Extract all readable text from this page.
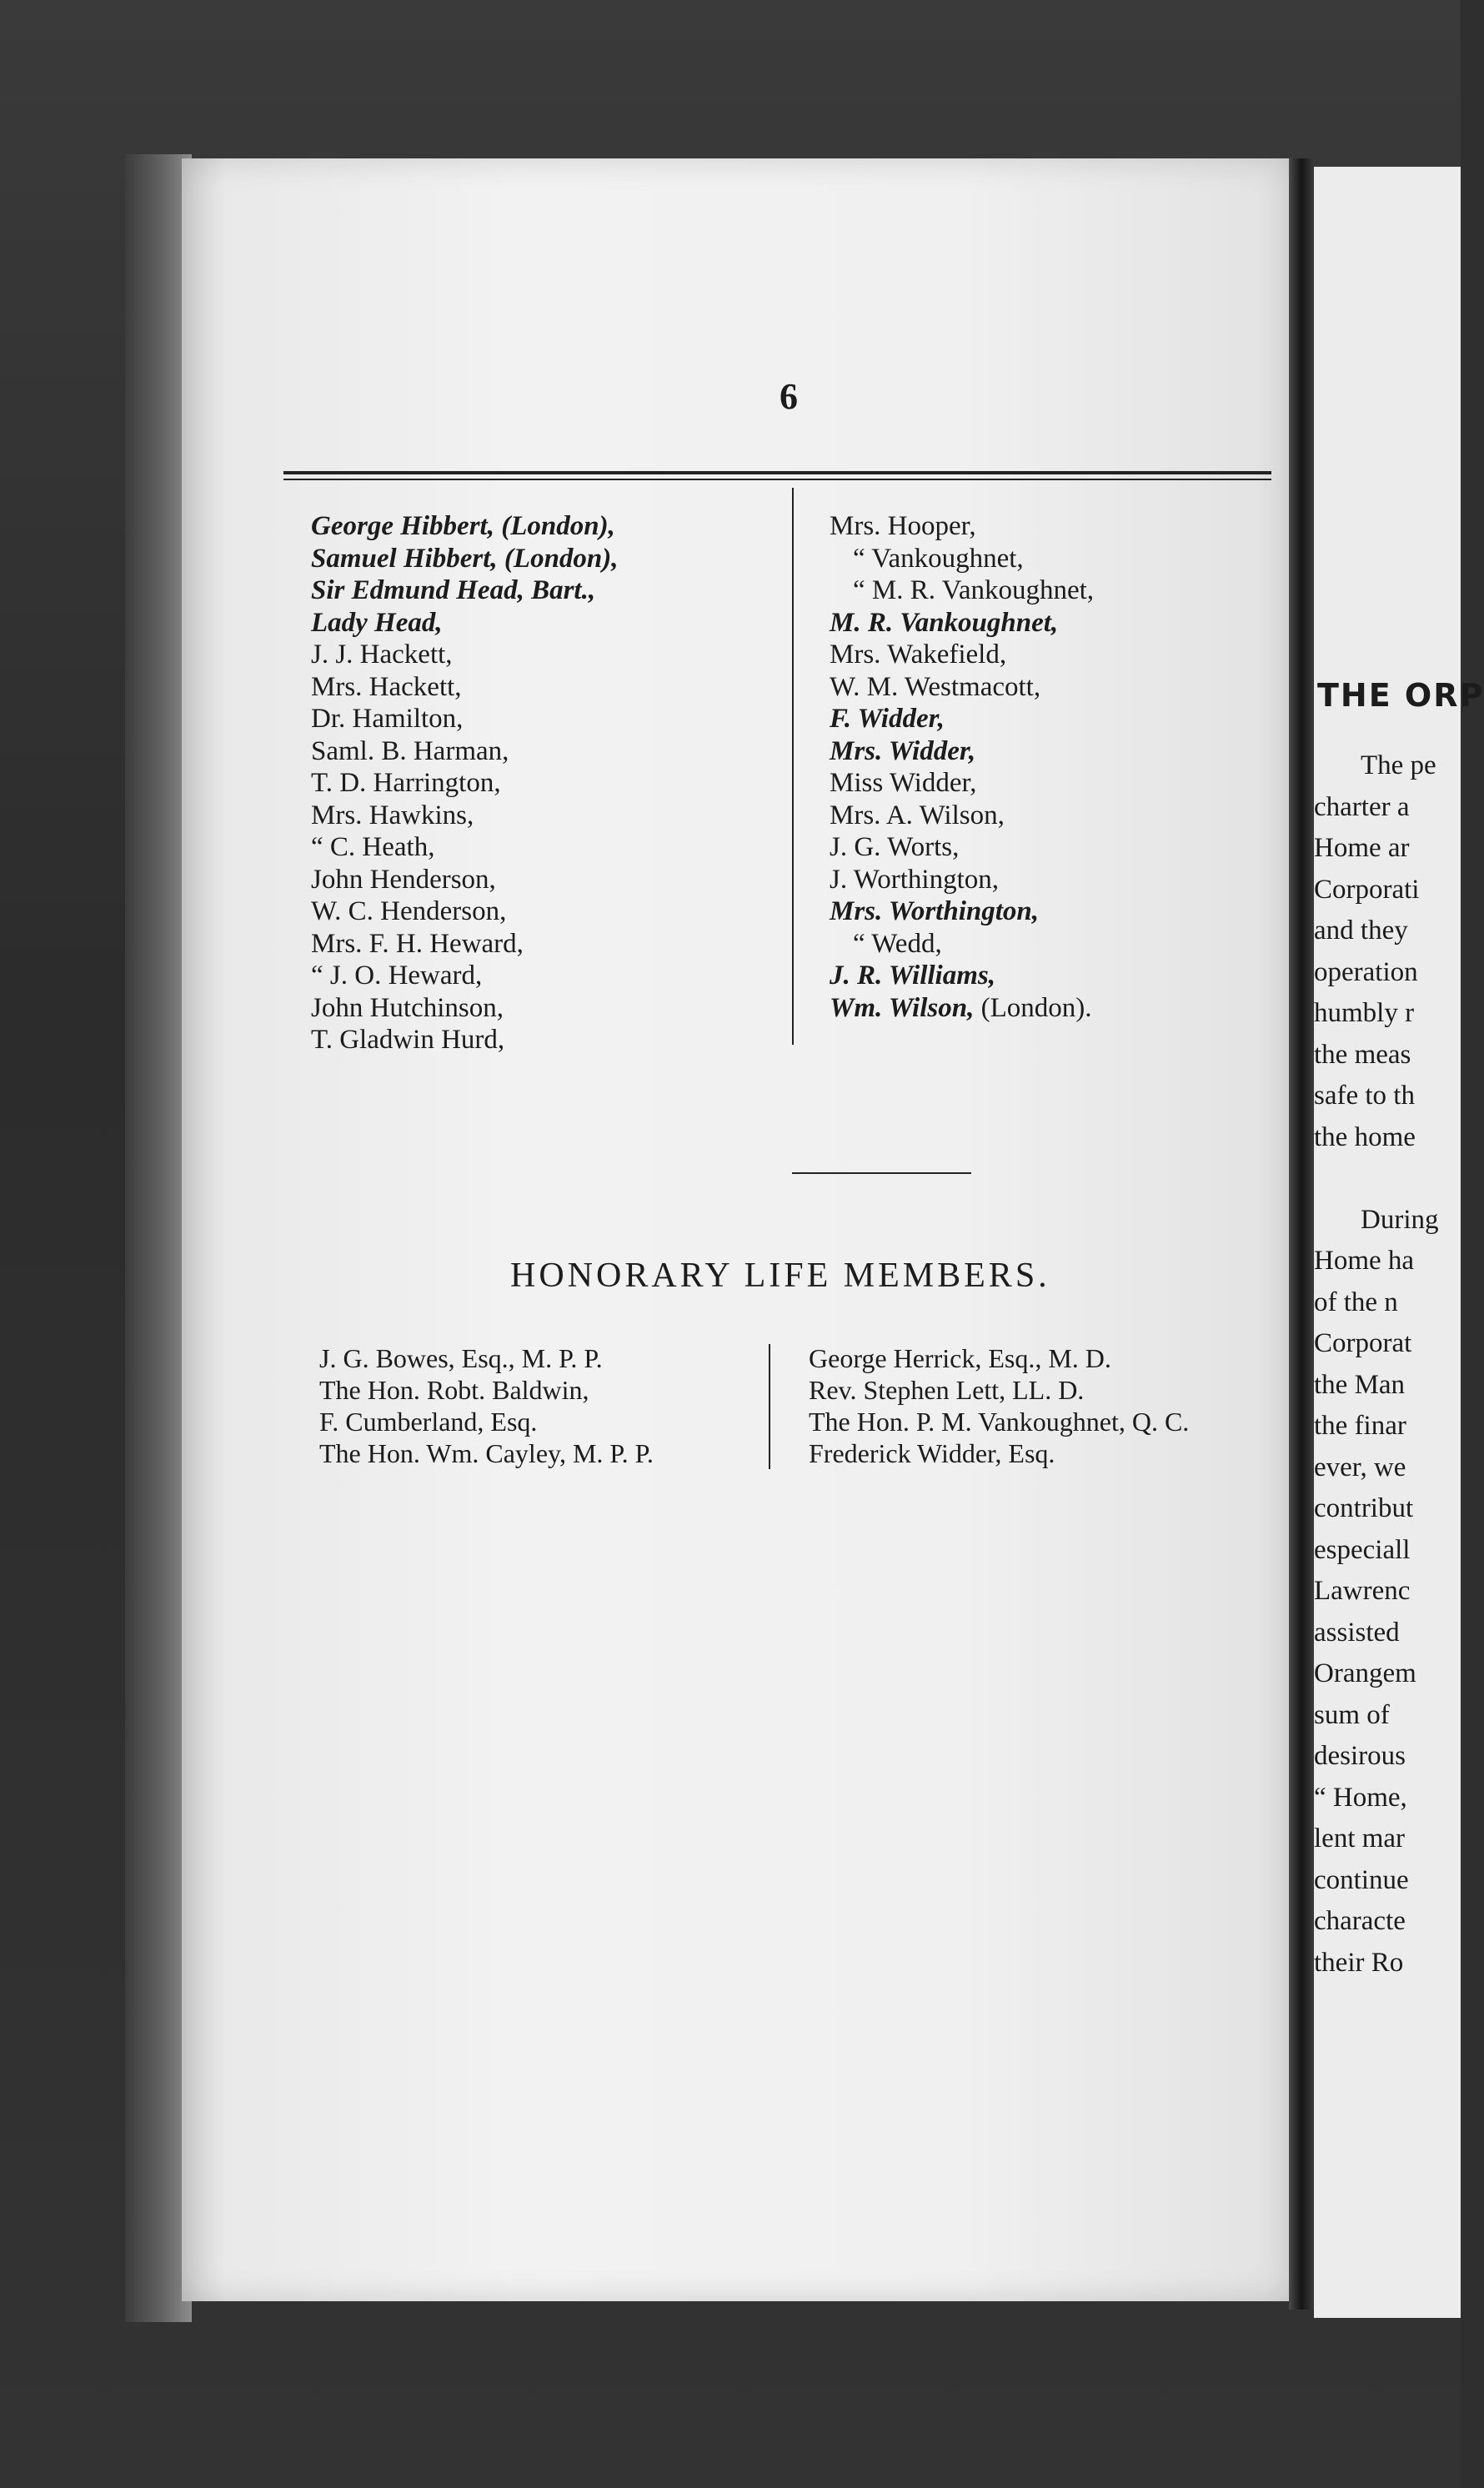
6
George Hibbert, (London),
Samuel Hibbert, (London),
Sir Edmund Head, Bart.,
Lady Head,
J. J. Hackett,
Mrs. Hackett,
Dr. Hamilton,
Saml. B. Harman,
T. D. Harrington,
Mrs. Hawkins,
“ C. Heath,
John Henderson,
W. C. Henderson,
Mrs. F. H. Heward,
“ J. O. Heward,
John Hutchinson,
T. Gladwin Hurd,
Mrs. Hooper,
“ Vankoughnet,
“ M. R. Vankoughnet,
M. R. Vankoughnet,
Mrs. Wakefield,
W. M. Westmacott,
F. Widder,
Mrs. Widder,
Miss Widder,
Mrs. A. Wilson,
J. G. Worts,
J. Worthington,
Mrs. Worthington,
“ Wedd,
J. R. Williams,
Wm. Wilson, (London).
HONORARY LIFE MEMBERS.
J. G. Bowes, Esq., M. P. P.
The Hon. Robt. Baldwin,
F. Cumberland, Esq.
The Hon. Wm. Cayley, M. P. P.
George Herrick, Esq., M. D.
Rev. Stephen Lett, LL. D.
The Hon. P. M. Vankoughnet, Q. C.
Frederick Widder, Esq.
THE ORP
The pe
charter a
Home ar
Corporati
and they
operation
humbly r
the meas
safe to th
the home
During
Home ha
of the n
Corporat
the Man
the finar
ever, we
contribut
especiall
Lawrenc
assisted
Orangem
sum of
desirous
“ Home,
lent mar
continue
characte
their Ro
